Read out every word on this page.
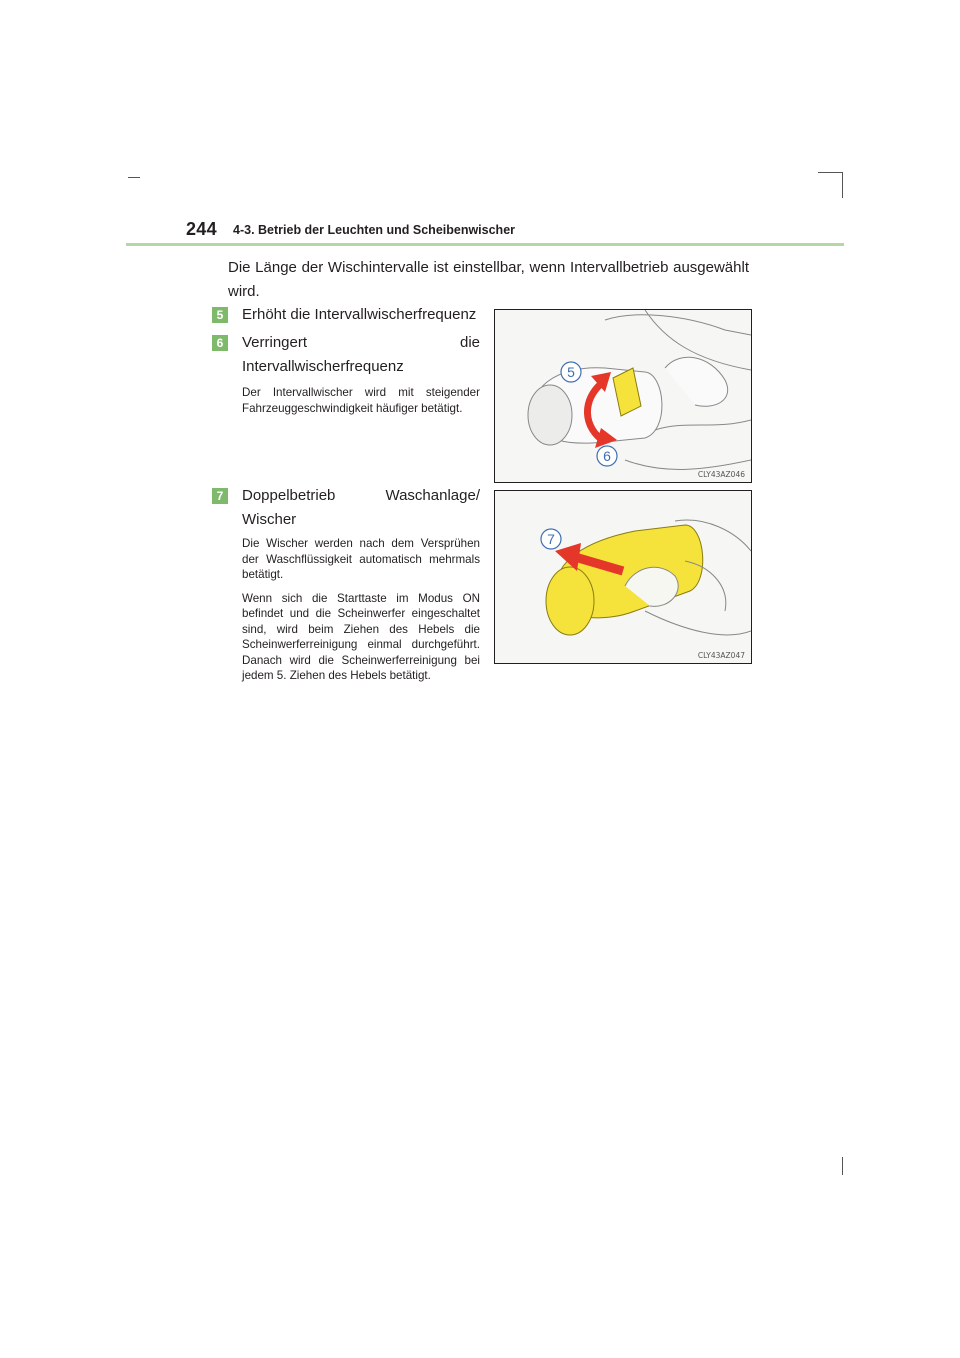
244 4-3. Betrieb der Leuchten und Scheibenwischer
Die Länge der Wischintervalle ist einstellbar, wenn Intervallbetrieb ausgewählt wird.
5	Erhöht die Intervallwischerfrequenz
6	Verringert die Intervallwischerfrequenz

Der Intervallwischer wird mit steigender Fahrzeuggeschwindigkeit häufiger betätigt.

7	Doppelbetrieb Waschanlage/ Wischer

Die Wischer werden nach dem Versprühen der Waschflüssigkeit automatisch mehrmals betätigt.

Wenn sich die Starttaste im Modus ON befindet und die Scheinwerfer eingeschaltet sind, wird beim Ziehen des Hebels die Scheinwerferreinigung einmal durchgeführt. Danach wird die Scheinwerferreinigung bei jedem 5. Ziehen des Hebels betätigt.

5
6
CLY43AZ046
7
CLY43AZ047
